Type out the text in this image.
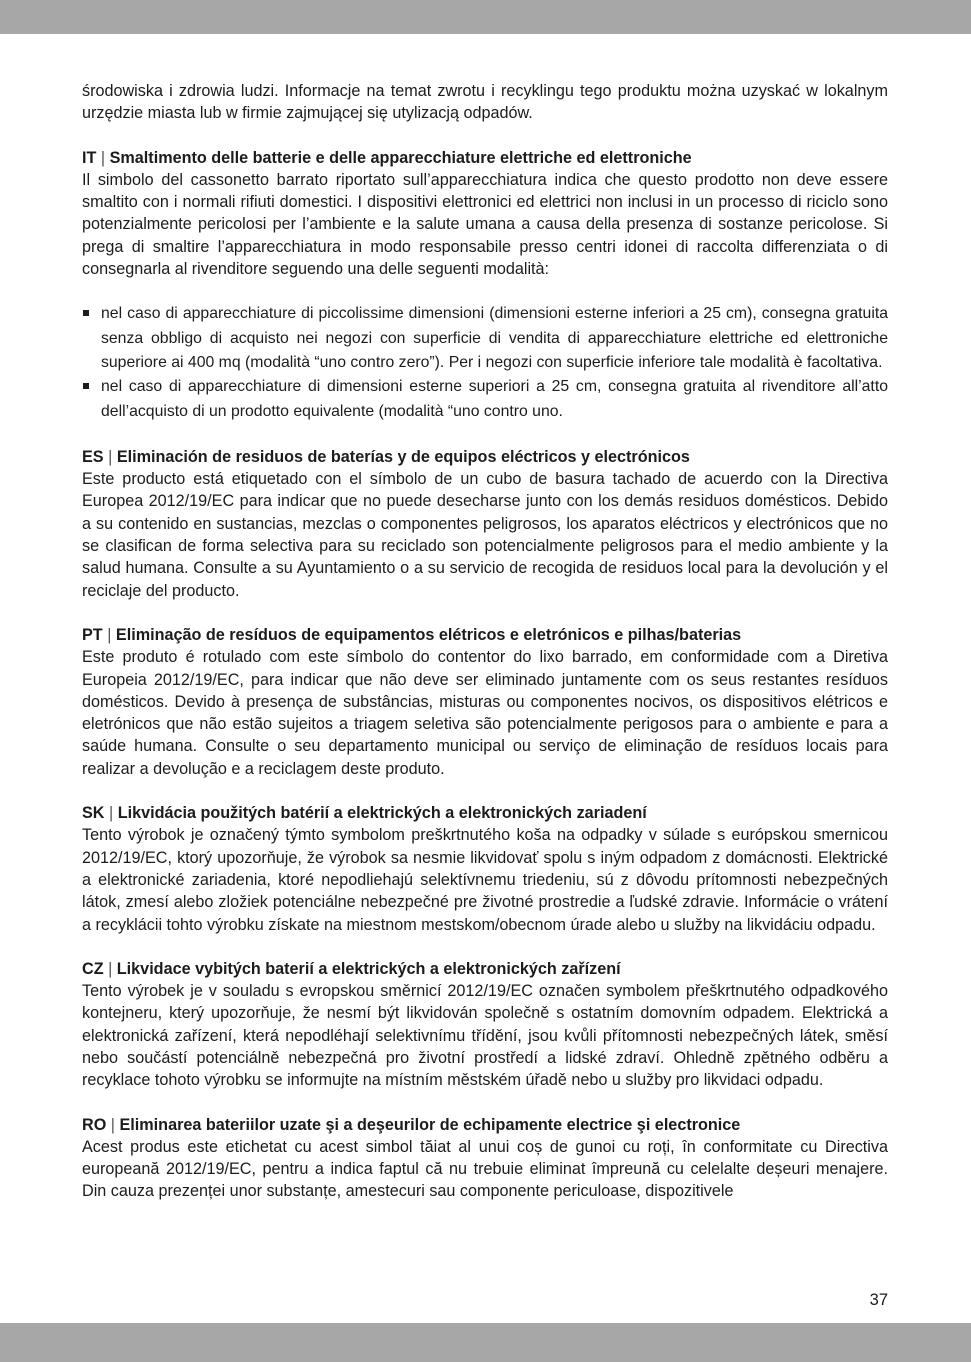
środowiska i zdrowia ludzi. Informacje na temat zwrotu i recyklingu tego produktu można uzyskać w lokalnym urzędzie miasta lub w firmie zajmującej się utylizacją odpadów.

IT | Smaltimento delle batterie e delle apparecchiature elettriche ed elettroniche

Il simbolo del cassonetto barrato riportato sull’apparecchiatura indica che questo prodotto non deve essere smaltito con i normali rifiuti domestici. I dispositivi elettronici ed elettrici non inclusi in un processo di riciclo sono potenzialmente pericolosi per l’ambiente e la salute umana a causa della presenza di sostanze pericolose. Si prega di smaltire l’apparecchiatura in modo responsabile presso centri idonei di raccolta differenziata o di consegnarla al rivenditore seguendo una delle seguenti modalità:

nel caso di apparecchiature di piccolissime dimensioni (dimensioni esterne inferiori a 25 cm), consegna gratuita senza obbligo di acquisto nei negozi con superficie di vendita di apparecchiature elettriche ed elettroniche superiore ai 400 mq (modalità “uno contro zero”). Per i negozi con superficie inferiore tale modalità è facoltativa.
nel caso di apparecchiature di dimensioni esterne superiori a 25 cm, consegna gratuita al rivenditore all’atto dell’acquisto di un prodotto equivalente (modalità “uno contro uno.
ES | Eliminación de residuos de baterías y de equipos eléctricos y electrónicos

Este producto está etiquetado con el símbolo de un cubo de basura tachado de acuerdo con la Directiva Europea 2012/19/EC para indicar que no puede desecharse junto con los demás residuos domésticos. Debido a su contenido en sustancias, mezclas o componentes peligrosos, los aparatos eléctricos y electrónicos que no se clasifican de forma selectiva para su reciclado son potencialmente peligrosos para el medio ambiente y la salud humana. Consulte a su Ayuntamiento o a su servicio de recogida de residuos local para la devolución y el reciclaje del producto.

PT | Eliminação de resíduos de equipamentos elétricos e eletrónicos e pilhas/baterias

Este produto é rotulado com este símbolo do contentor do lixo barrado, em conformidade com a Diretiva Europeia 2012/19/EC, para indicar que não deve ser eliminado juntamente com os seus restantes resíduos domésticos. Devido à presença de substâncias, misturas ou componentes nocivos, os dispositivos elétricos e eletrónicos que não estão sujeitos a triagem seletiva são potencialmente perigosos para o ambiente e para a saúde humana. Consulte o seu departamento municipal ou serviço de eliminação de resíduos locais para realizar a devolução e a reciclagem deste produto.

SK | Likvidácia použitých batérií a elektrických a elektronických zariadení

Tento výrobok je označený týmto symbolom preškrtnutého koša na odpadky v súlade s európskou smernicou 2012/19/EC, ktorý upozorňuje, že výrobok sa nesmie likvidovať spolu s iným odpadom z domácnosti. Elektrické a elektronické zariadenia, ktoré nepodliehajú selektívnemu triedeniu, sú z dôvodu prítomnosti nebezpečných látok, zmesí alebo zložiek potenciálne nebezpečné pre životné prostredie a ľudské zdravie. Informácie o vrátení a recyklácii tohto výrobku získate na miestnom mestskom/obecnom úrade alebo u služby na likvidáciu odpadu.

CZ | Likvidace vybitých baterií a elektrických a elektronických zařízení

Tento výrobek je v souladu s evropskou směrnicí 2012/19/EC označen symbolem přeškrtnutého odpadkového kontejneru, který upozorňuje, že nesmí být likvidován společně s ostatním domovním odpadem. Elektrická a elektronická zařízení, která nepodléhají selektivnímu třídění, jsou kvůli přítomnosti nebezpečných látek, směsí nebo součástí potenciálně nebezpečná pro životní prostředí a lidské zdraví. Ohledně zpětného odběru a recyklace tohoto výrobku se informujte na místním městském úřadě nebo u služby pro likvidaci odpadu.

RO | Eliminarea bateriilor uzate şi a deşeurilor de echipamente electrice şi electronice

Acest produs este etichetat cu acest simbol tăiat al unui coș de gunoi cu roți, în conformitate cu Directiva europeană 2012/19/EC, pentru a indica faptul că nu trebuie eliminat împreună cu celelalte deșeuri menajere. Din cauza prezenței unor substanțe, amestecuri sau componente periculoase, dispozitivele

37
